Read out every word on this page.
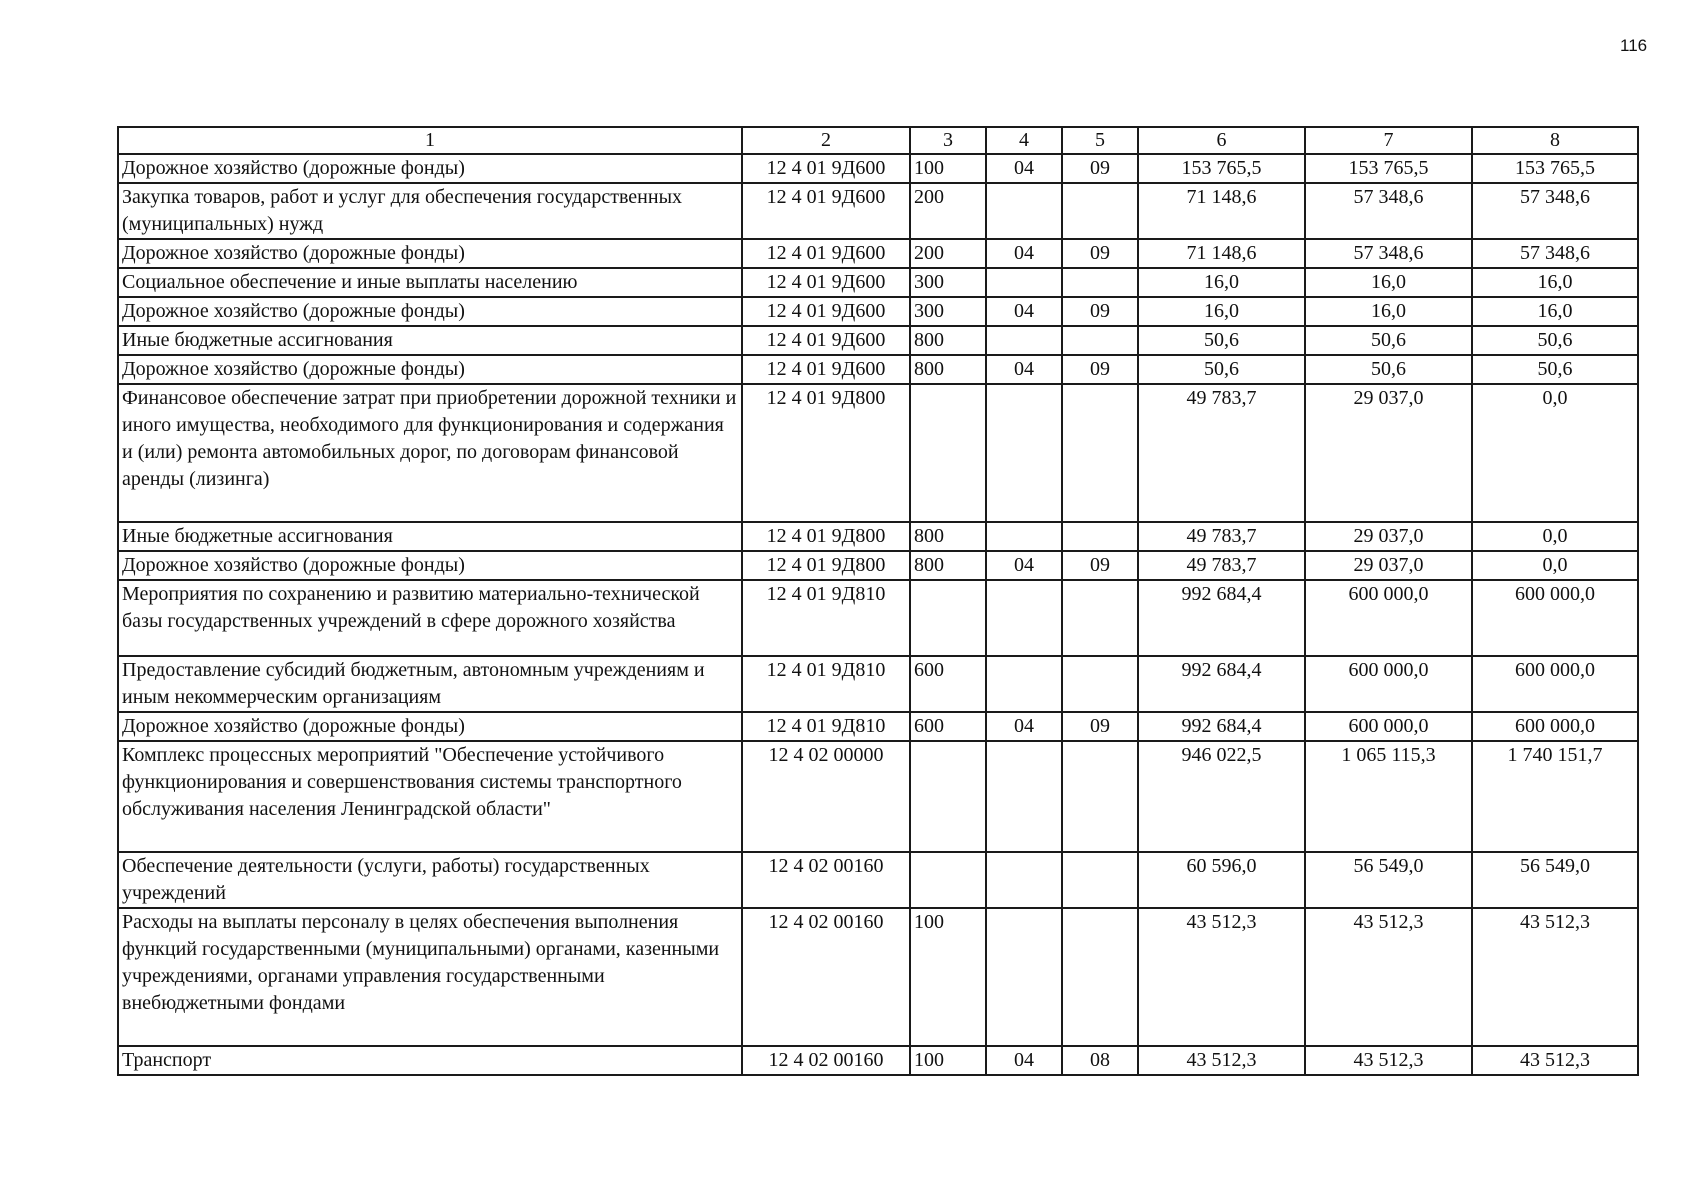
116
1	2	3	4	5	6	7	8
Дорожное хозяйство (дорожные фонды)	12 4 01 9Д600	100	04	09	153 765,5	153 765,5	153 765,5
Закупка товаров, работ и услуг для обеспечения государственных (муниципальных) нужд	12 4 01 9Д600	200			71 148,6	57 348,6	57 348,6
Дорожное хозяйство (дорожные фонды)	12 4 01 9Д600	200	04	09	71 148,6	57 348,6	57 348,6
Социальное обеспечение и иные выплаты населению	12 4 01 9Д600	300			16,0	16,0	16,0
Дорожное хозяйство (дорожные фонды)	12 4 01 9Д600	300	04	09	16,0	16,0	16,0
Иные бюджетные ассигнования	12 4 01 9Д600	800			50,6	50,6	50,6
Дорожное хозяйство (дорожные фонды)	12 4 01 9Д600	800	04	09	50,6	50,6	50,6
Финансовое обеспечение затрат при приобретении дорожной техники и иного имущества, необходимого для функционирования и содержания и (или) ремонта автомобильных дорог, по договорам финансовой аренды (лизинга)	12 4 01 9Д800				49 783,7	29 037,0	0,0
Иные бюджетные ассигнования	12 4 01 9Д800	800			49 783,7	29 037,0	0,0
Дорожное хозяйство (дорожные фонды)	12 4 01 9Д800	800	04	09	49 783,7	29 037,0	0,0
Мероприятия по сохранению и развитию материально-технической базы государственных учреждений в сфере дорожного хозяйства	12 4 01 9Д810				992 684,4	600 000,0	600 000,0
Предоставление субсидий бюджетным, автономным учреждениям и иным некоммерческим организациям	12 4 01 9Д810	600			992 684,4	600 000,0	600 000,0
Дорожное хозяйство (дорожные фонды)	12 4 01 9Д810	600	04	09	992 684,4	600 000,0	600 000,0
Комплекс процессных мероприятий "Обеспечение устойчивого функционирования и совершенствования системы транспортного обслуживания населения Ленинградской области"	12 4 02 00000				946 022,5	1 065 115,3	1 740 151,7
Обеспечение деятельности (услуги, работы) государственных учреждений	12 4 02 00160				60 596,0	56 549,0	56 549,0
Расходы на выплаты персоналу в целях обеспечения выполнения функций государственными (муниципальными) органами, казенными учреждениями, органами управления государственными внебюджетными фондами	12 4 02 00160	100			43 512,3	43 512,3	43 512,3
Транспорт	12 4 02 00160	100	04	08	43 512,3	43 512,3	43 512,3
